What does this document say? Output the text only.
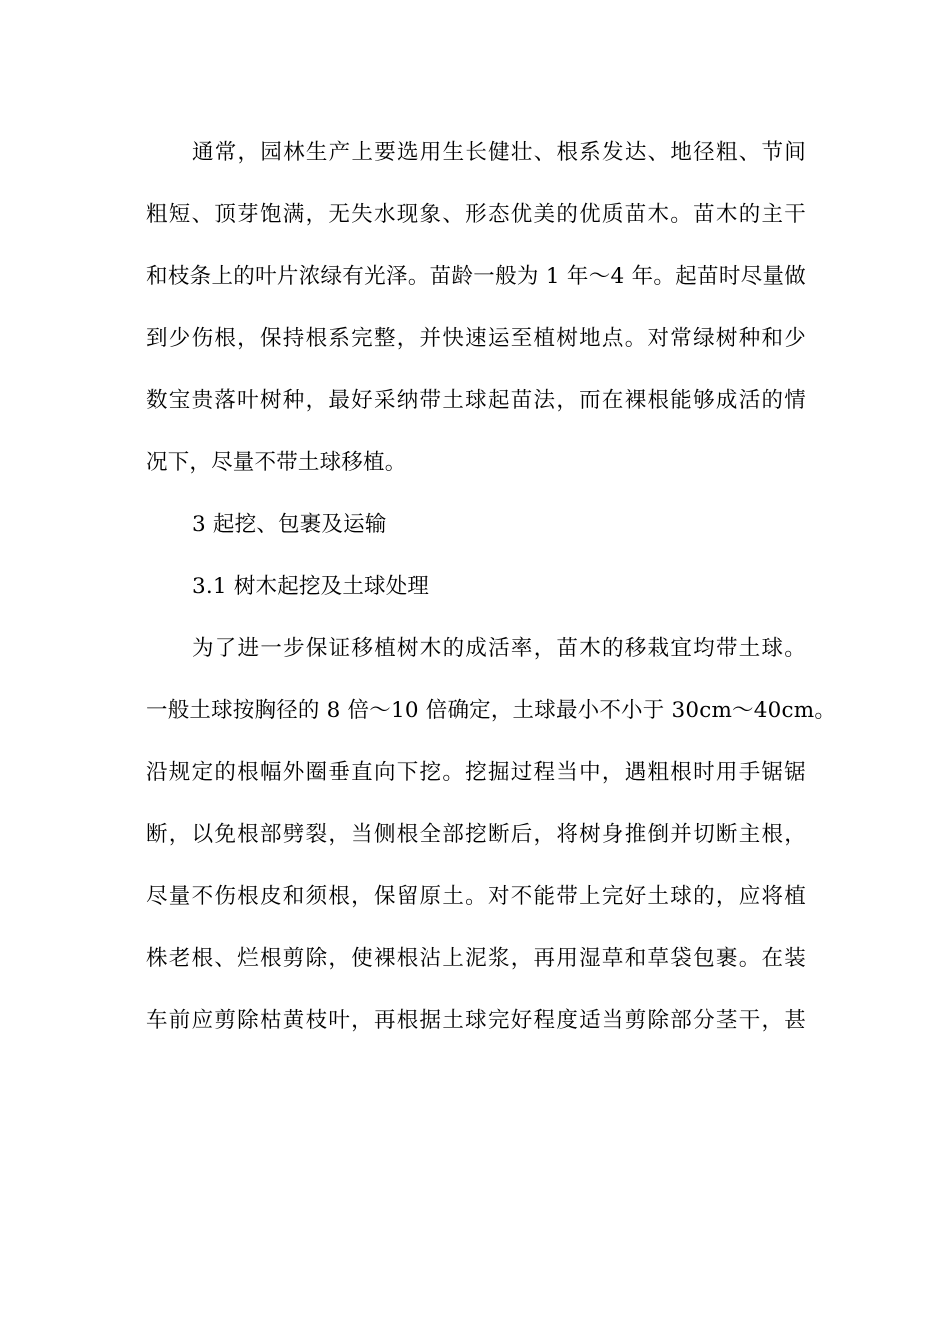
通常，园林生产上要选用生长健壮、根系发达、地径粗、节间
粗短、顶芽饱满，无失水现象、形态优美的优质苗木。苗木的主干
和枝条上的叶片浓绿有光泽。苗龄一般为 1 年～4 年。起苗时尽量做
到少伤根，保持根系完整，并快速运至植树地点。对常绿树种和少
数宝贵落叶树种，最好采纳带土球起苗法，而在裸根能够成活的情
况下，尽量不带土球移植。
3 起挖、包裹及运输
3.1 树木起挖及土球处理
为了进一步保证移植树木的成活率，苗木的移栽宜均带土球。
一般土球按胸径的 8 倍～10 倍确定，土球最小不小于 30cm～40cm。
沿规定的根幅外圈垂直向下挖。挖掘过程当中，遇粗根时用手锯锯
断，以免根部劈裂，当侧根全部挖断后，将树身推倒并切断主根，
尽量不伤根皮和须根，保留原土。对不能带上完好土球的，应将植
株老根、烂根剪除，使裸根沾上泥浆，再用湿草和草袋包裹。在装
车前应剪除枯黄枝叶，再根据土球完好程度适当剪除部分茎干，甚
